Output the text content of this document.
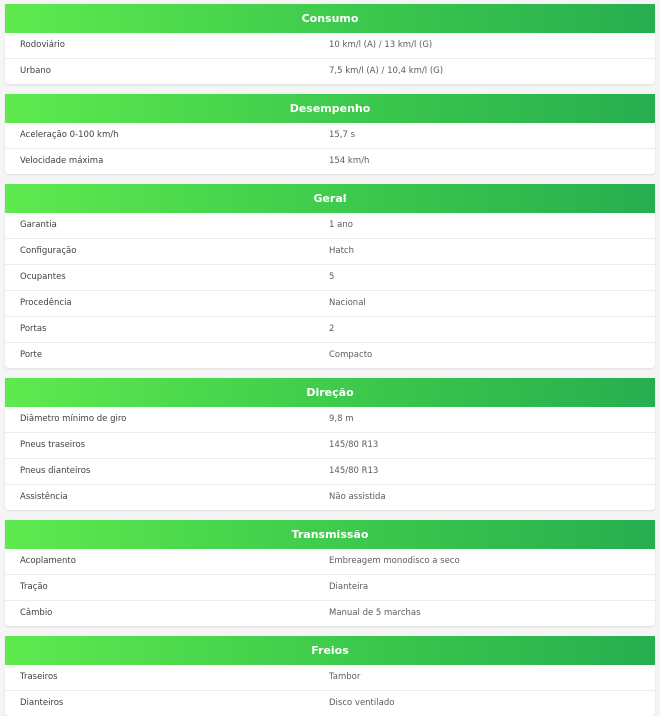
Consumo
Rodoviário	10 km/l (A) / 13 km/l (G)
Urbano	7,5 km/l (A) / 10,4 km/l (G)
Desempenho
Aceleração 0-100 km/h	15,7 s
Velocidade máxima	154 km/h
Geral
Garantia	1 ano
Configuração	Hatch
Ocupantes	5
Procedência	Nacional
Portas	2
Porte	Compacto
Direção
Diâmetro mínimo de giro	9,8 m
Pneus traseiros	145/80 R13
Pneus dianteiros	145/80 R13
Assistência	Não assistida
Transmissão
Acoplamento	Embreagem monodisco a seco
Tração	Dianteira
Câmbio	Manual de 5 marchas
Freios
Traseiros	Tambor
Dianteiros	Disco ventilado
